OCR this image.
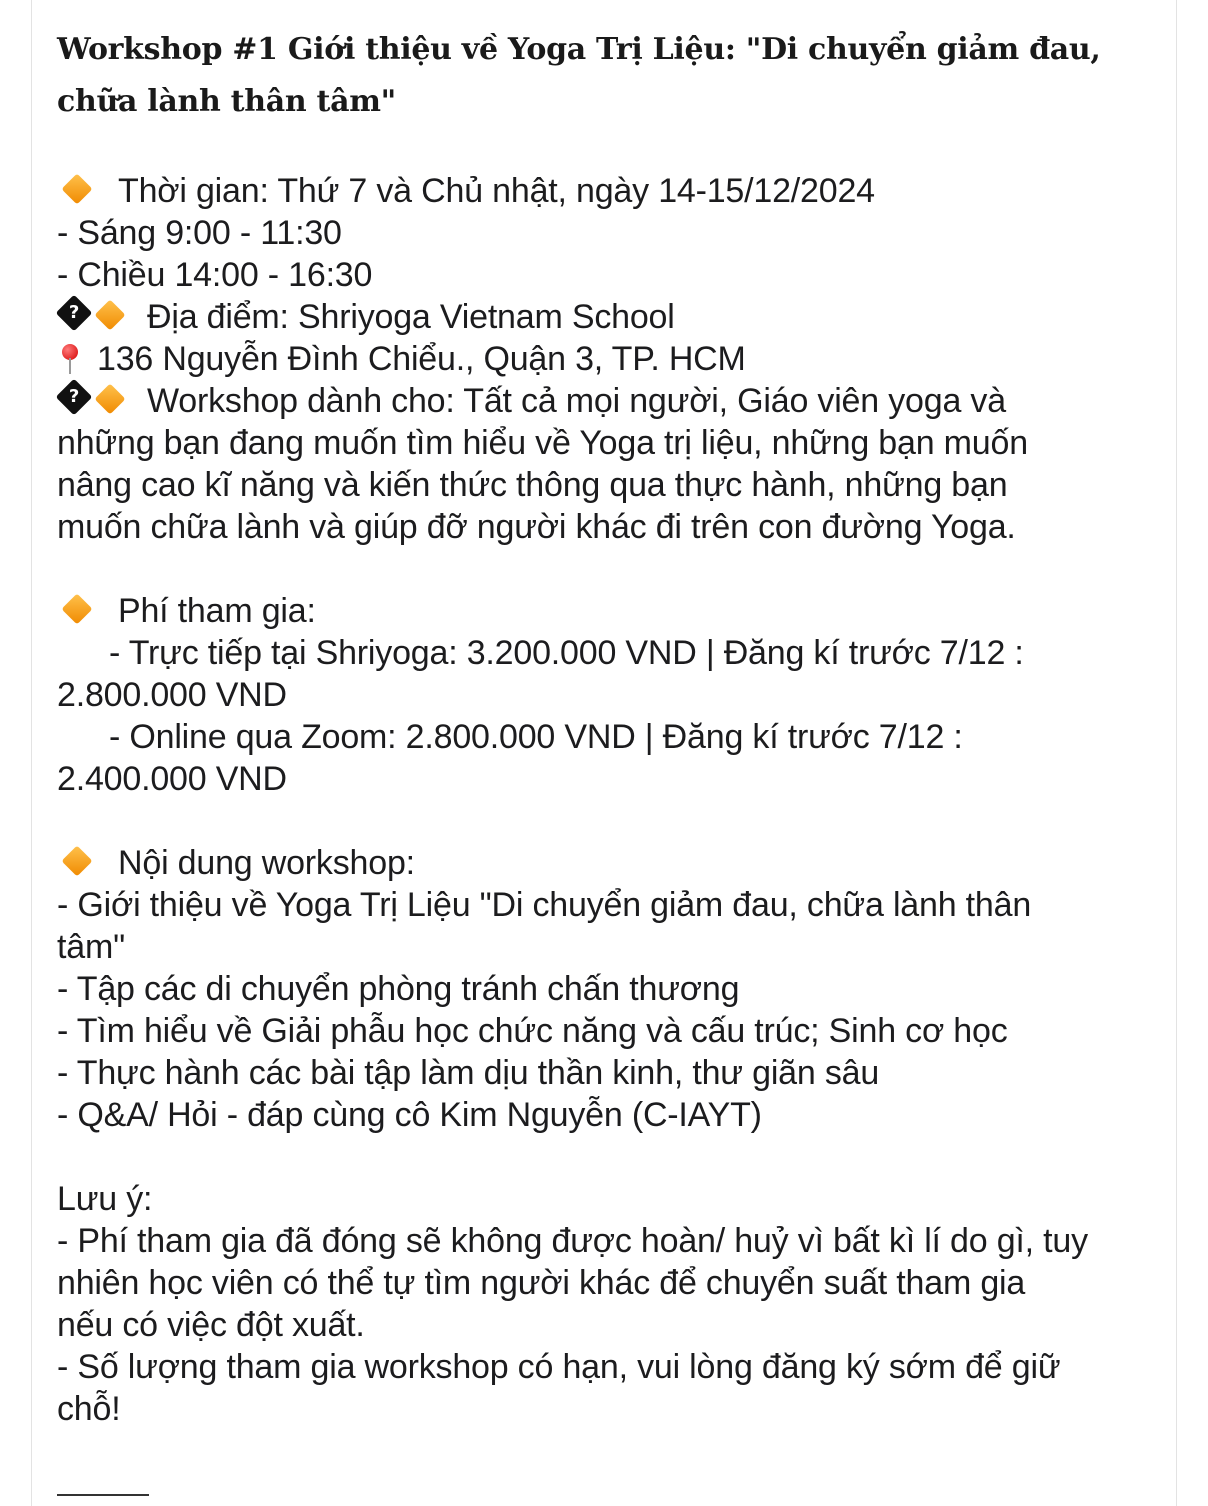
Workshop #1 Giới thiệu về Yoga Trị Liệu: "Di chuyển giảm đau, chữa lành thân tâm"
Thời gian: Thứ 7 và Chủ nhật, ngày 14-15/12/2024
- Sáng 9:00 - 11:30
- Chiều 14:00 - 16:30
? Địa điểm: Shriyoga Vietnam School
136 Nguyễn Đình Chiểu., Quận 3, TP. HCM
? Workshop dành cho: Tất cả mọi người, Giáo viên yoga và
những bạn đang muốn tìm hiểu về Yoga trị liệu, những bạn muốn
nâng cao kĩ năng và kiến thức thông qua thực hành, những bạn
muốn chữa lành và giúp đỡ người khác đi trên con đường Yoga.
Phí tham gia:
- Trực tiếp tại Shriyoga: 3.200.000 VND | Đăng kí trước 7/12 :
2.800.000 VND
- Online qua Zoom: 2.800.000 VND | Đăng kí trước 7/12 :
2.400.000 VND
Nội dung workshop:
- Giới thiệu về Yoga Trị Liệu "Di chuyển giảm đau, chữa lành thân
tâm"
- Tập các di chuyển phòng tránh chấn thương
- Tìm hiểu về Giải phẫu học chức năng và cấu trúc; Sinh cơ học
- Thực hành các bài tập làm dịu thần kinh, thư giãn sâu
- Q&A/ Hỏi - đáp cùng cô Kim Nguyễn (C-IAYT)
Lưu ý:
- Phí tham gia đã đóng sẽ không được hoàn/ huỷ vì bất kì lí do gì, tuy
nhiên học viên có thể tự tìm người khác để chuyển suất tham gia
nếu có việc đột xuất.
- Số lượng tham gia workshop có hạn, vui lòng đăng ký sớm để giữ
chỗ!
